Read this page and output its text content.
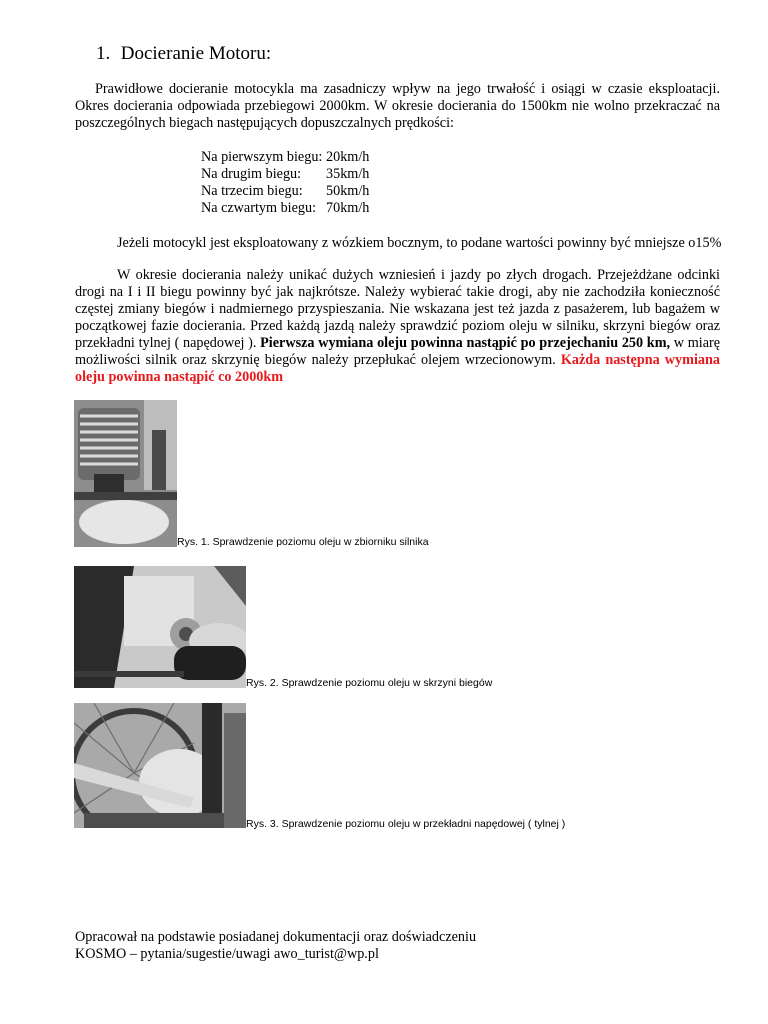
1. Docieranie Motoru:
Prawidłowe docieranie motocykla ma zasadniczy wpływ na jego trwałość i osiągi w czasie eksploatacji. Okres docierania odpowiada przebiegowi 2000km. W okresie docierania do 1500km nie wolno przekraczać na poszczególnych biegach następujących dopuszczalnych prędkości:
Na pierwszym biegu: 20km/h
Na drugim biegu:	35km/h
Na trzecim biegu:	50km/h
Na czwartym biegu: 70km/h
Jeżeli motocykl jest eksploatowany z wózkiem bocznym, to podane wartości powinny być mniejsze o15%
W okresie docierania należy unikać dużych wzniesień i jazdy po złych drogach. Przejeżdżane odcinki drogi na I i II biegu powinny być jak najkrótsze. Należy wybierać takie drogi, aby nie zachodziła konieczność częstej zmiany biegów i nadmiernego przyspieszania. Nie wskazana jest też jazda z pasażerem, lub bagażem w początkowej fazie docierania. Przed każdą jazdą należy sprawdzić poziom oleju w silniku, skrzyni biegów oraz przekładni tylnej ( napędowej ). Pierwsza wymiana oleju powinna nastąpić po przejechaniu 250 km, w miarę możliwości silnik oraz skrzynię biegów należy przepłukać olejem wrzecionowym. Każda następna wymiana oleju powinna nastąpić co 2000km
Rys. 1. Sprawdzenie poziomu oleju w zbiorniku silnika
Rys. 2. Sprawdzenie poziomu oleju w skrzyni biegów
Rys. 3. Sprawdzenie poziomu oleju w przekładni napędowej ( tylnej )
Opracował na podstawie posiadanej dokumentacji oraz doświadczeniu
KOSMO – pytania/sugestie/uwagi awo_turist@wp.pl
